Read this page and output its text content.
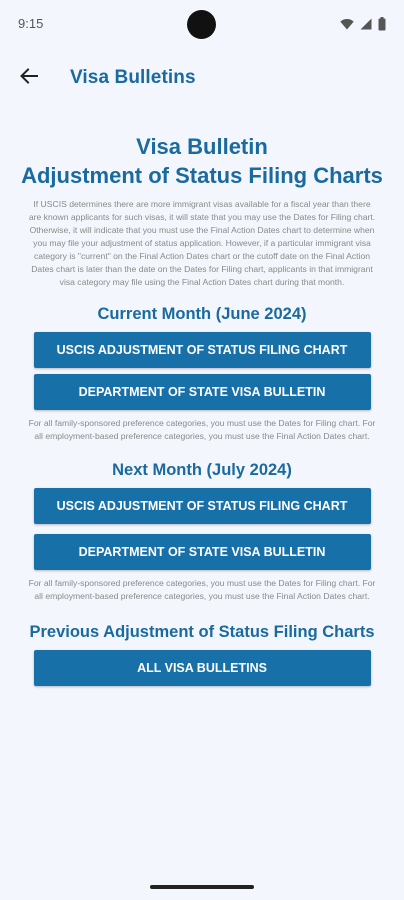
9:15
Visa Bulletins
Visa Bulletin
Adjustment of Status Filing Charts

If USCIS determines there are more immigrant visas available for a fiscal year than there are known applicants for such visas, it will state that you may use the Dates for Filing chart. Otherwise, it will indicate that you must use the Final Action Dates chart to determine when you may file your adjustment of status application. However, if a particular immigrant visa category is "current" on the Final Action Dates chart or the cutoff date on the Final Action Dates chart is later than the date on the Dates for Filing chart, applicants in that immigrant visa category may file using the Final Action Dates chart during that month.

Current Month (June 2024)
USCIS ADJUSTMENT OF STATUS FILING CHART
DEPARTMENT OF STATE VISA BULLETIN

For all family-sponsored preference categories, you must use the Dates for Filing chart. For all employment-based preference categories, you must use the Final Action Dates chart.

Next Month (July 2024)
USCIS ADJUSTMENT OF STATUS FILING CHART
DEPARTMENT OF STATE VISA BULLETIN

For all family-sponsored preference categories, you must use the Dates for Filing chart. For all employment-based preference categories, you must use the Final Action Dates chart.

Previous Adjustment of Status Filing Charts
ALL VISA BULLETINS
